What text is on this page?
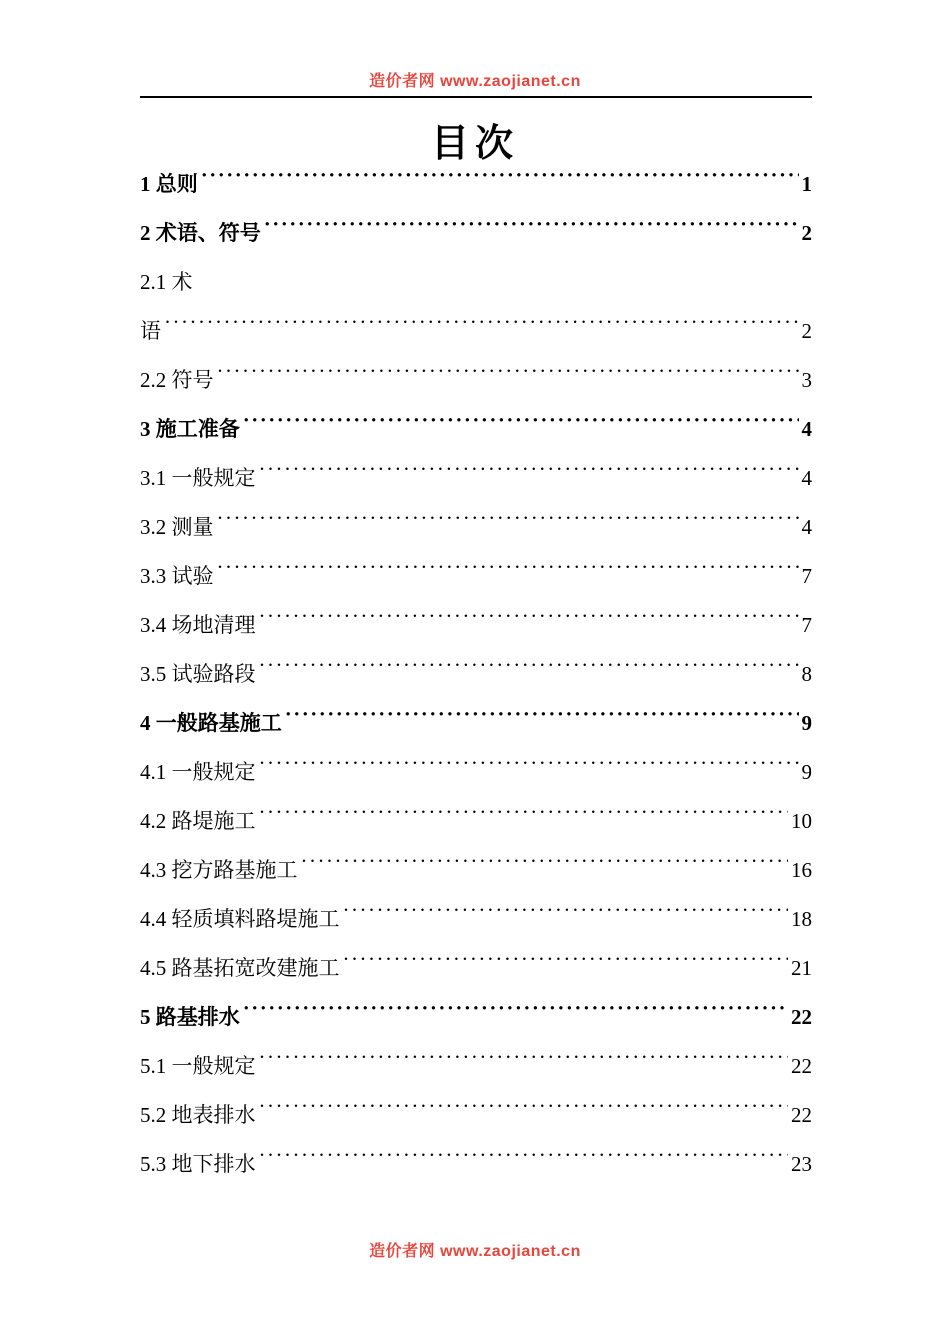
造价者网 www.zaojianet.cn
目次
1 总则 ·····	1
2 术语、符号 ·····	2
2.1 术
语 ·····	2
2.2 符号 ·····	3
3 施工准备 ·····	4
3.1 一般规定 ·····	4
3.2 测量 ·····	4
3.3 试验 ·····	7
3.4 场地清理 ·····	7
3.5 试验路段 ·····	8
4 一般路基施工 ·····	9
4.1 一般规定 ·····	9
4.2 路堤施工 ·····	10
4.3 挖方路基施工 ·····	16
4.4 轻质填料路堤施工 ·····	18
4.5 路基拓宽改建施工 ·····	21
5 路基排水 ·····	22
5.1 一般规定 ·····	22
5.2 地表排水 ·····	22
5.3 地下排水 ·····	23
造价者网 www.zaojianet.cn
